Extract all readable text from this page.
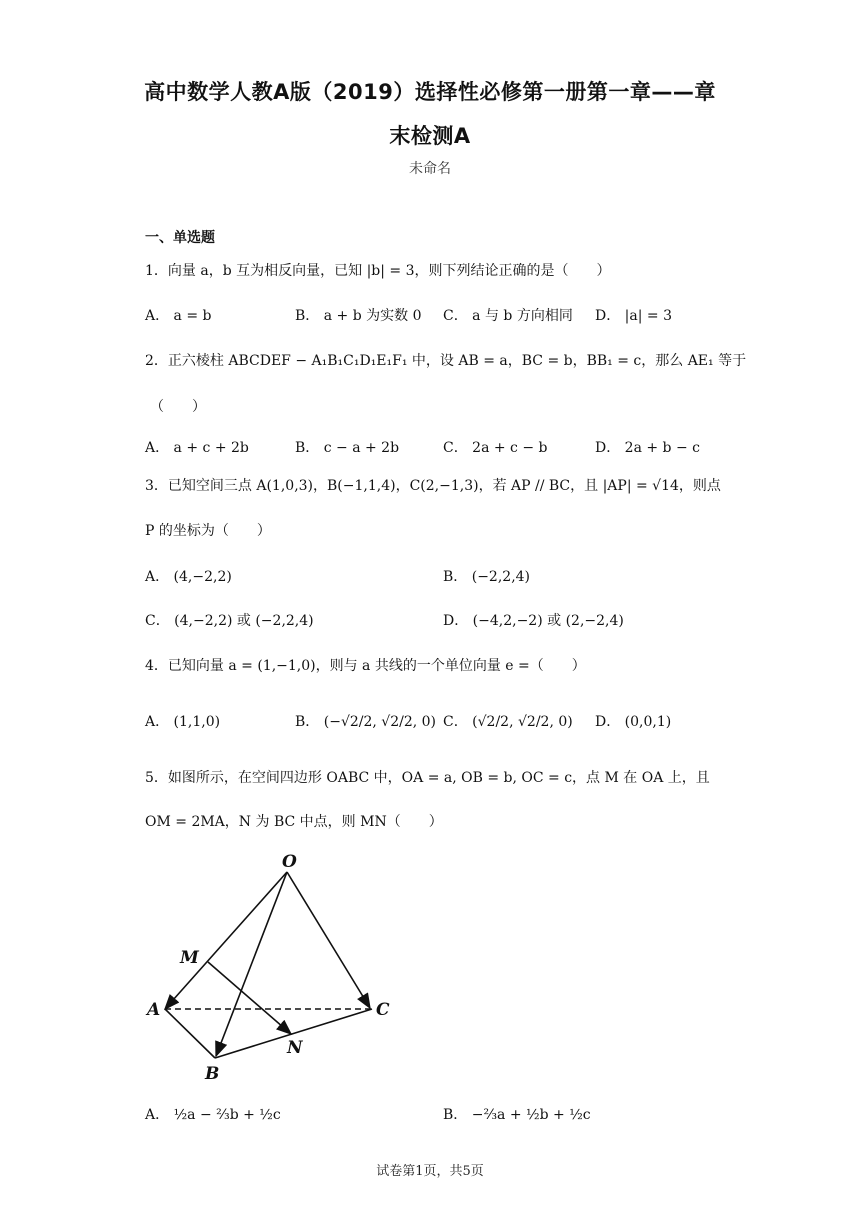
高中数学人教A版（2019）选择性必修第一册第一章——章
末检测A
未命名
一、单选题
1．向量 a，b 互为相反向量，已知 |b| = 3，则下列结论正确的是（　　）
A． a = b	B． a + b 为实数 0 C． a 与 b 方向相同 D． |a| = 3
2．正六棱柱 ABCDEF − A₁B₁C₁D₁E₁F₁ 中，设 AB = a，BC = b，BB₁ = c，那么 AE₁ 等于
（　　）
A． a + c + 2b	B． c − a + 2b	C． 2a + c − b	D． 2a + b − c
3．已知空间三点 A(1,0,3)，B(−1,1,4)，C(2,−1,3)，若 AP // BC，且 |AP| = √14，则点
P 的坐标为（　　）
A． (4,−2,2)	B． (−2,2,4)
C． (4,−2,2) 或 (−2,2,4)	D． (−4,2,−2) 或 (2,−2,4)
4．已知向量 a = (1,−1,0)，则与 a 共线的一个单位向量 e =（　　）
A． (1,1,0)	B． (−√2/2, √2/2, 0) C． (√2/2, √2/2, 0) D． (0,0,1)
5．如图所示，在空间四边形 OABC 中，OA = a, OB = b, OC = c，点 M 在 OA 上，且
OM = 2MA，N 为 BC 中点，则 MN（　　）
O
M
A	C
N
B
A． ½a − ⅔b + ½c	B． −⅔a + ½b + ½c
试卷第1页，共5页
